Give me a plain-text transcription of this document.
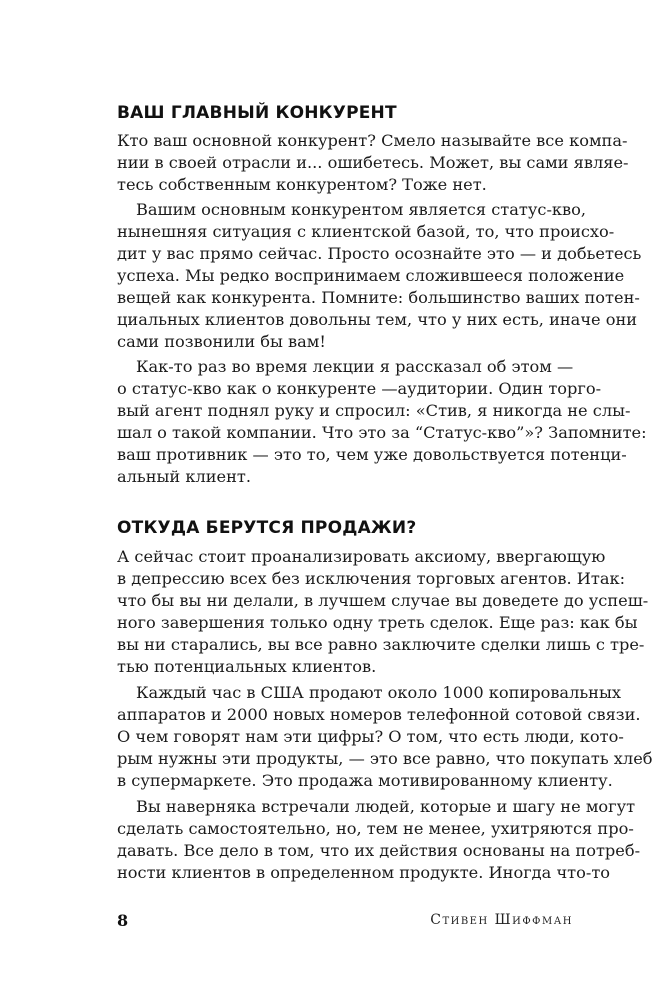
ВАШ ГЛАВНЫЙ КОНКУРЕНТ
Кто ваш основной конкурент? Смело называйте все компа-
нии в своей отрасли и... ошибетесь. Может, вы сами являе-
тесь собственным конкурентом? Тоже нет.
Вашим основным конкурентом является статус-кво,
нынешняя ситуация с клиентской базой, то, что происхо-
дит у вас прямо сейчас. Просто осознайте это — и добьетесь
успеха. Мы редко воспринимаем сложившееся положение
вещей как конкурента. Помните: большинство ваших потен-
циальных клиентов довольны тем, что у них есть, иначе они
сами позвонили бы вам!
Как-то раз во время лекции я рассказал об этом —
о статус-кво как о конкуренте —аудитории. Один торго-
вый агент поднял руку и спросил: «Стив, я никогда не слы-
шал о такой компании. Что это за “Статус-кво”»? Запомните:
ваш противник — это то, чем уже довольствуется потенци-
альный клиент.
ОТКУДА БЕРУТСЯ ПРОДАЖИ?
А сейчас стоит проанализировать аксиому, ввергающую
в депрессию всех без исключения торговых агентов. Итак:
что бы вы ни делали, в лучшем случае вы доведете до успеш-
ного завершения только одну треть сделок. Еще раз: как бы
вы ни старались, вы все равно заключите сделки лишь с тре-
тью потенциальных клиентов.
Каждый час в США продают около 1000 копировальных
аппаратов и 2000 новых номеров телефонной сотовой связи.
О чем говорят нам эти цифры? О том, что есть люди, кото-
рым нужны эти продукты, — это все равно, что покупать хлеб
в супермаркете. Это продажа мотивированному клиенту.
Вы наверняка встречали людей, которые и шагу не могут
сделать самостоятельно, но, тем не менее, ухитряются про-
давать. Все дело в том, что их действия основаны на потреб-
ности клиентов в определенном продукте. Иногда что-то
8	Стивен Шиффман
